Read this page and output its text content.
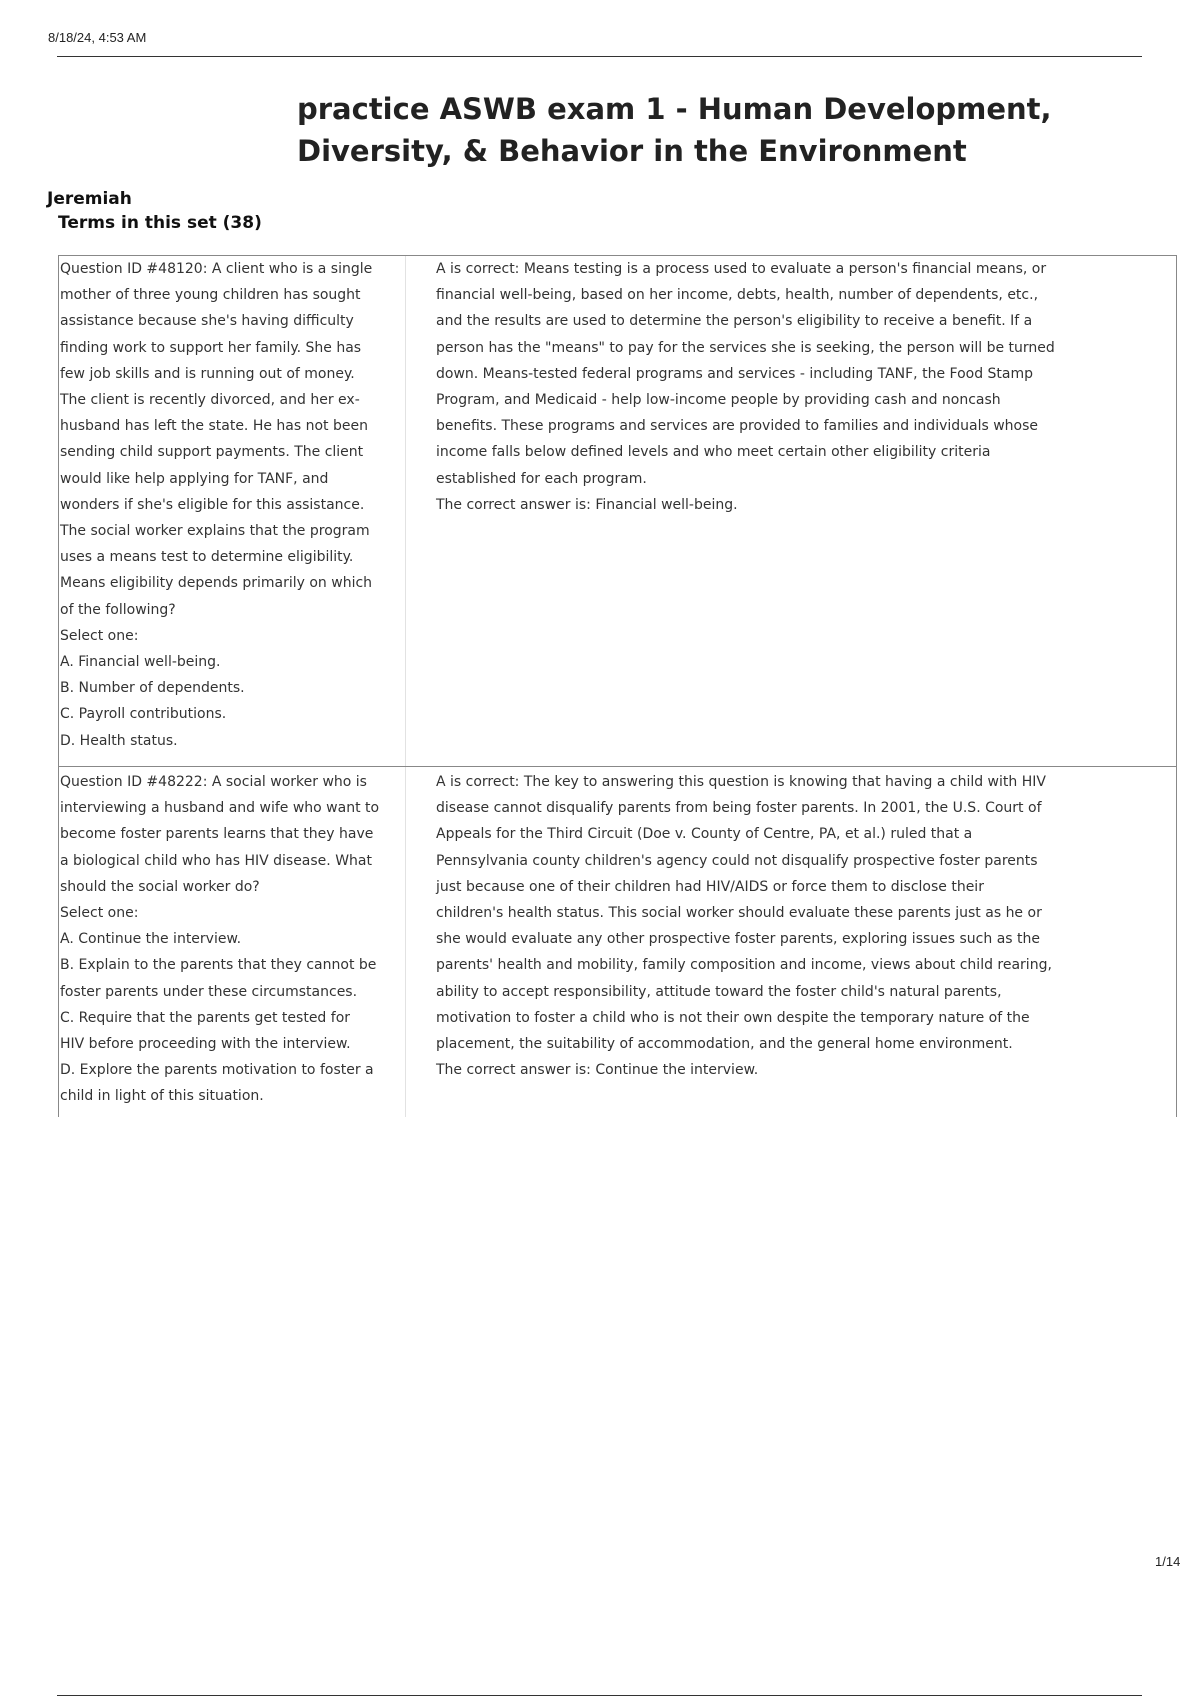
8/18/24, 4:53 AM
practice ASWB exam 1 - Human Development, Diversity, & Behavior in the Environment
Jeremiah
Terms in this set (38)
Question ID #48120: A client who is a single
mother of three young children has sought
assistance because she's having difficulty
finding work to support her family. She has
few job skills and is running out of money.
The client is recently divorced, and her ex-
husband has left the state. He has not been
sending child support payments. The client
would like help applying for TANF, and
wonders if she's eligible for this assistance.
The social worker explains that the program
uses a means test to determine eligibility.
Means eligibility depends primarily on which
of the following?
Select one:
A. Financial well-being.
B. Number of dependents.
C. Payroll contributions.
D. Health status.
A is correct: Means testing is a process used to evaluate a person's financial means, or
financial well-being, based on her income, debts, health, number of dependents, etc.,
and the results are used to determine the person's eligibility to receive a benefit. If a
person has the "means" to pay for the services she is seeking, the person will be turned
down. Means-tested federal programs and services - including TANF, the Food Stamp
Program, and Medicaid - help low-income people by providing cash and noncash
benefits. These programs and services are provided to families and individuals whose
income falls below defined levels and who meet certain other eligibility criteria
established for each program.
The correct answer is: Financial well-being.
Question ID #48222: A social worker who is
interviewing a husband and wife who want to
become foster parents learns that they have
a biological child who has HIV disease. What
should the social worker do?
Select one:
A. Continue the interview.
B. Explain to the parents that they cannot be
foster parents under these circumstances.
C. Require that the parents get tested for
HIV before proceeding with the interview.
D. Explore the parents motivation to foster a
child in light of this situation.
A is correct: The key to answering this question is knowing that having a child with HIV
disease cannot disqualify parents from being foster parents. In 2001, the U.S. Court of
Appeals for the Third Circuit (Doe v. County of Centre, PA, et al.) ruled that a
Pennsylvania county children's agency could not disqualify prospective foster parents
just because one of their children had HIV/AIDS or force them to disclose their
children's health status. This social worker should evaluate these parents just as he or
she would evaluate any other prospective foster parents, exploring issues such as the
parents' health and mobility, family composition and income, views about child rearing,
ability to accept responsibility, attitude toward the foster child's natural parents,
motivation to foster a child who is not their own despite the temporary nature of the
placement, the suitability of accommodation, and the general home environment.
The correct answer is: Continue the interview.
1/14
